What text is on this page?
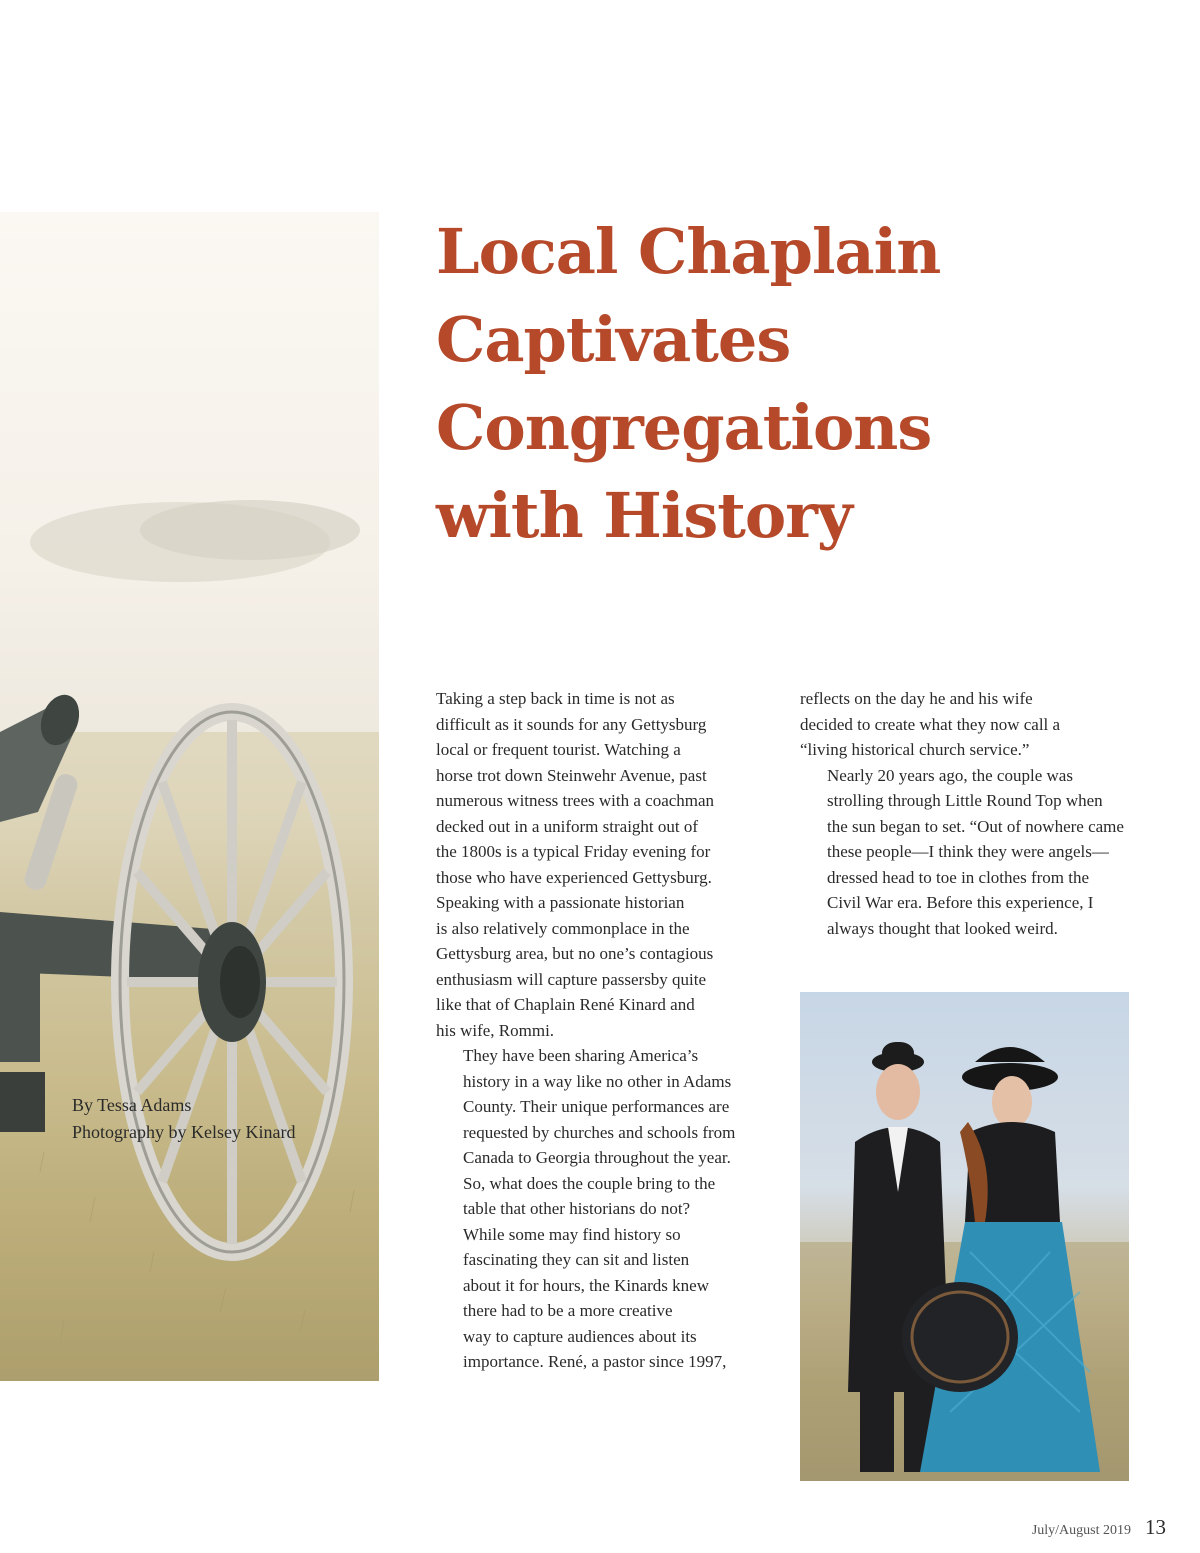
Local Chaplain
Captivates
Congregations
with History

Taking a step back in time is not as
difficult as it sounds for any Gettysburg
local or frequent tourist. Watching a
horse trot down Steinwehr Avenue, past
numerous witness trees with a coachman
decked out in a uniform straight out of
the 1800s is a typical Friday evening for
those who have experienced Gettysburg.
Speaking with a passionate historian
is also relatively commonplace in the
Gettysburg area, but no one’s contagious
enthusiasm will capture passersby quite
like that of Chaplain René Kinard and
his wife, Rommi.

They have been sharing America’s
history in a way like no other in Adams
County. Their unique performances are
requested by churches and schools from
Canada to Georgia throughout the year.
So, what does the couple bring to the
table that other historians do not?

While some may find history so
fascinating they can sit and listen
about it for hours, the Kinards knew
there had to be a more creative
way to capture audiences about its
importance. René, a pastor since 1997,

reflects on the day he and his wife
decided to create what they now call a
“living historical church service.”

Nearly 20 years ago, the couple was
strolling through Little Round Top when
the sun began to set. “Out of nowhere came
these people—I think they were angels—
dressed head to toe in clothes from the
Civil War era. Before this experience, I
always thought that looked weird.

By Tessa Adams
Photography by Kelsey Kinard
July/August 2019 13
